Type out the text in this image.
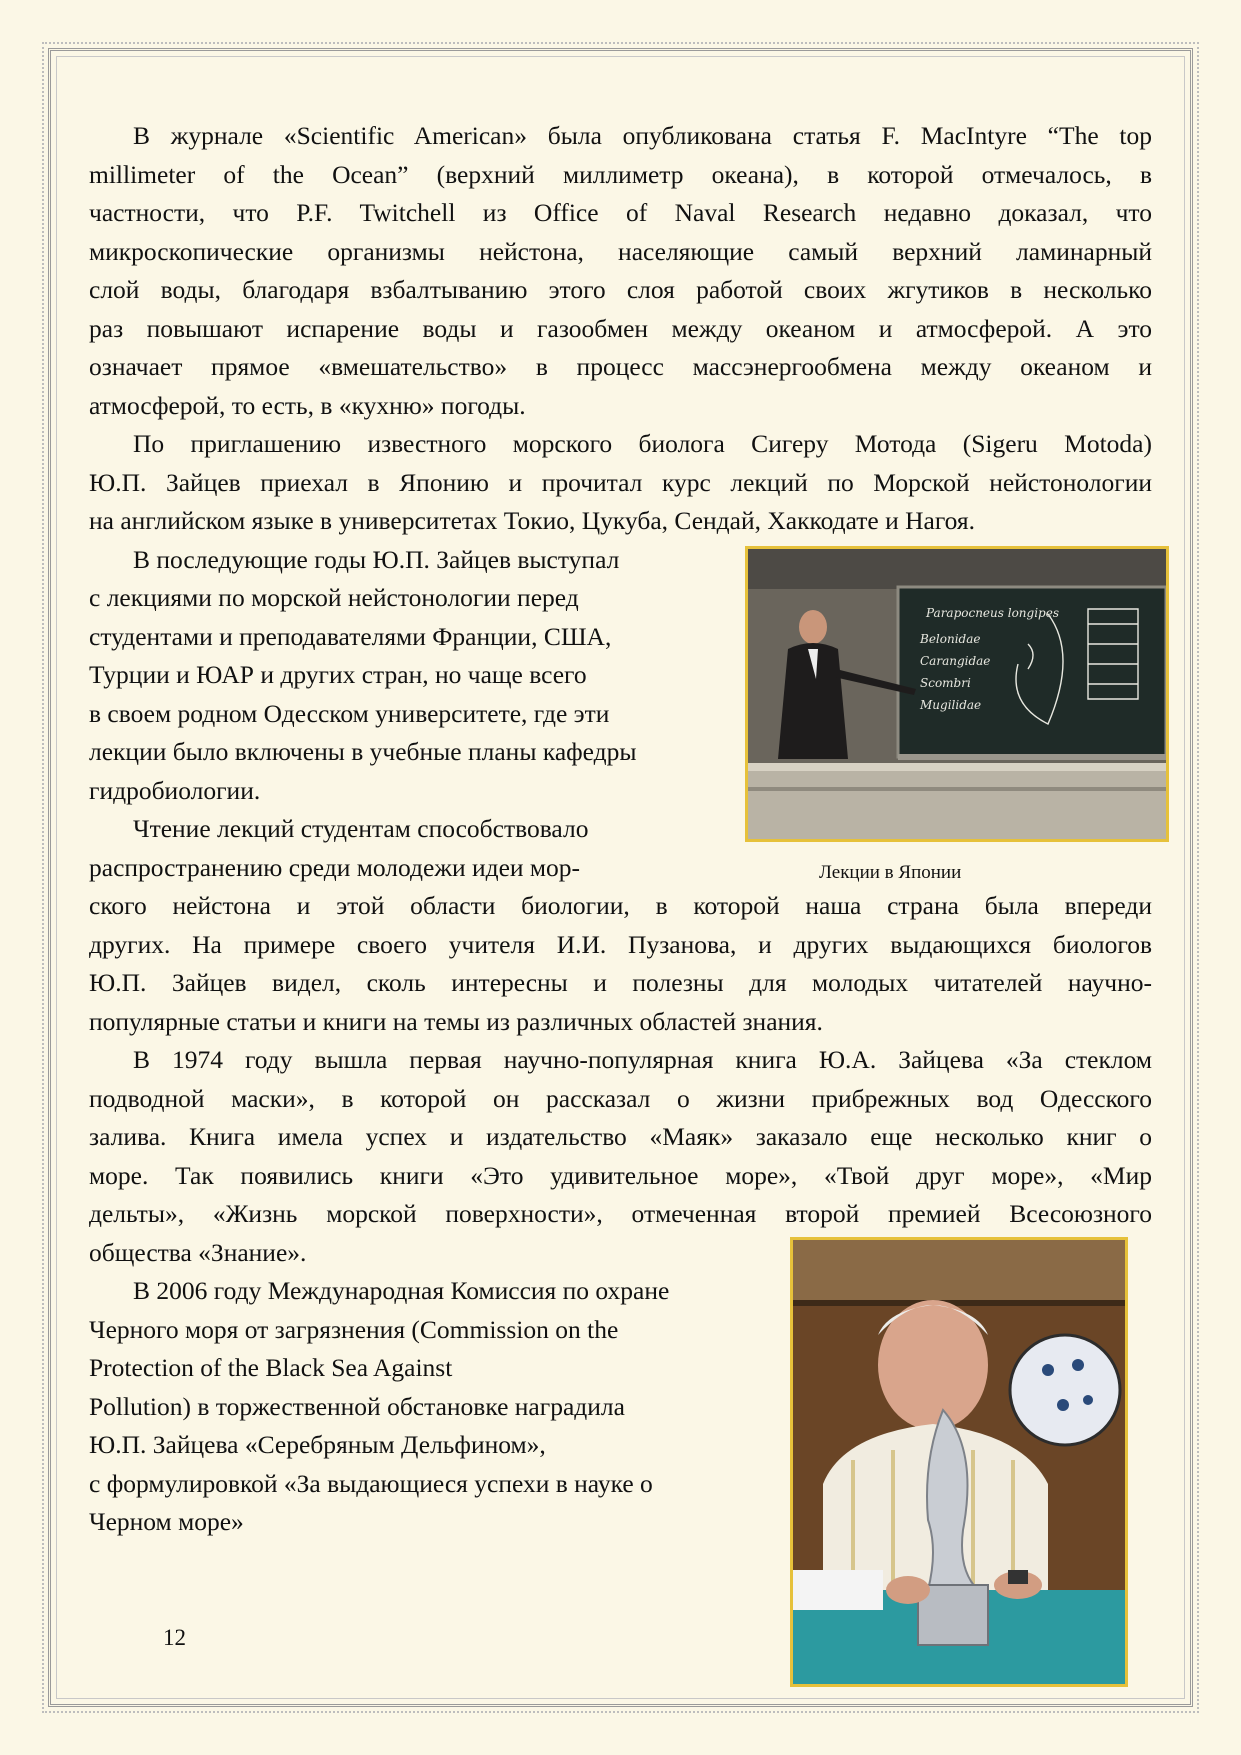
В журнале «Scientific American» была опубликована статья F. MacIntyre “The top

millimeter of the Ocean” (верхний миллиметр океана), в которой отмечалось, в

частности, что P.F. Twitchell из Office of Naval Research недавно доказал, что

микроскопические организмы нейстона, населяющие самый верхний ламинарный

слой воды, благодаря взбалтыванию этого слоя работой своих жгутиков в несколько

раз повышают испарение воды и газообмен между океаном и атмосферой. А это

означает прямое «вмешательство» в процесс массэнергообмена между океаном и

атмосферой, то есть, в «кухню» погоды.

По приглашению известного морского биолога Сигеру Мотода (Sigeru Motoda)

Ю.П. Зайцев приехал в Японию и прочитал курс лекций по Морской нейстонологии

на английском языке в университетах Токио, Цукуба, Сендай, Хаккодате и Нагоя.

В последующие годы Ю.П. Зайцев выступал

с лекциями по морской нейстонологии перед

студентами и преподавателями Франции, США,

Турции и ЮАР и других стран, но чаще всего

в своем родном Одесском университете, где эти

лекции было включены в учебные планы кафедры

гидробиологии.

Чтение лекций студентам способствовало

распространению среди молодежи идеи мор-

ского нейстона и этой области биологии, в которой наша страна была впереди

других. На примере своего учителя И.И. Пузанова, и других выдающихся биологов

Ю.П. Зайцев видел, сколь интересны и полезны для молодых читателей научно-

популярные статьи и книги на темы из различных областей знания.

В 1974 году вышла первая научно-популярная книга Ю.А. Зайцева «За стеклом

подводной маски», в которой он рассказал о жизни прибрежных вод Одесского

залива. Книга имела успех и издательство «Маяк» заказало еще несколько книг о

море. Так появились книги «Это удивительное море», «Твой друг море», «Мир

дельты», «Жизнь морской поверхности», отмеченная второй премией Всесоюзного

общества «Знание».

В 2006 году Международная Комиссия по охране

Черного моря от загрязнения (Commission on the

Protection of the Black Sea Against

Pollution) в торжественной обстановке наградила

Ю.П. Зайцева «Серебряным Дельфином»,

с формулировкой «За выдающиеся успехи в науке о

Черном море»

Parapocneus longipes
Belonidae
Carangidae
Scombri
Mugilidae
Лекции в Японии
12
